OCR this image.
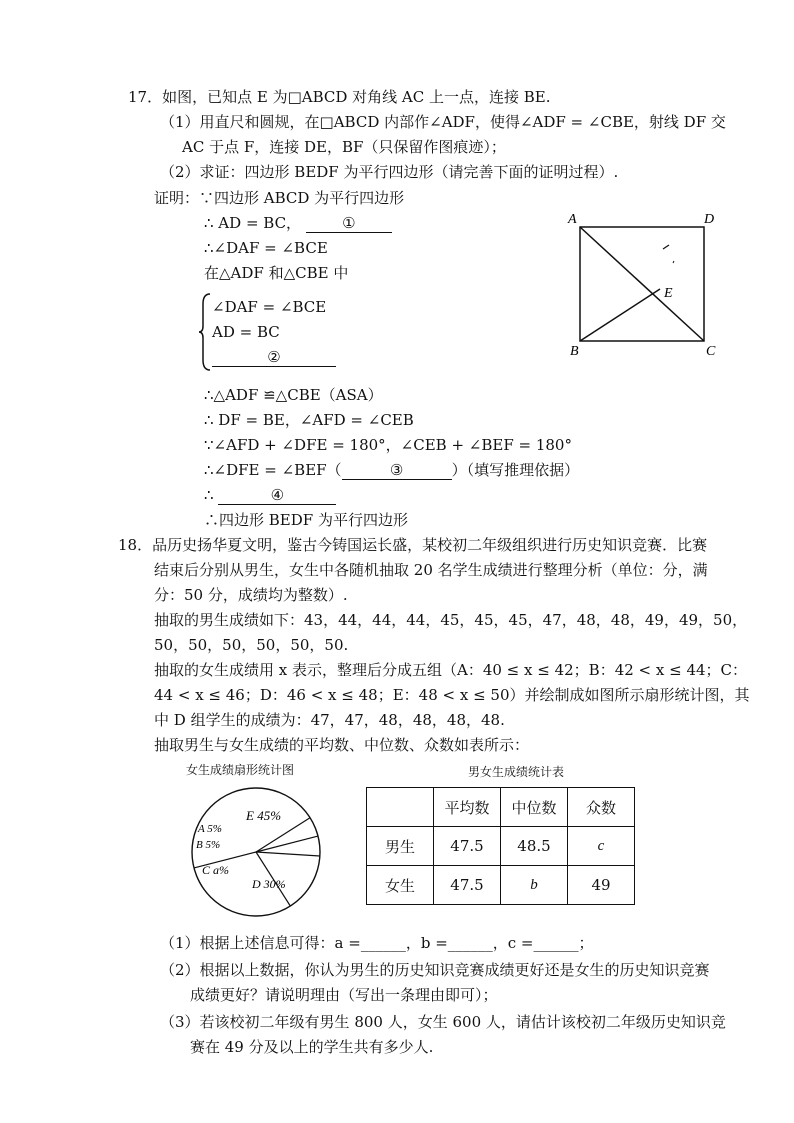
17．如图，已知点 E 为□ABCD 对角线 AC 上一点，连接 BE.
（1）用直尺和圆规，在□ABCD 内部作∠ADF，使得∠ADF = ∠CBE，射线 DF 交
AC 于点 F，连接 DE，BF（只保留作图痕迹）；
（2）求证：四边形 BEDF 为平行四边形（请完善下面的证明过程）.
证明：∵四边形 ABCD 为平行四边形
∴ AD = BC，	①
∴∠DAF = ∠BCE
在△ADF 和△CBE 中
∠DAF = ∠BCE
AD = BC
②
∴△ADF ≌△CBE（ASA）
∴ DF = BE，∠AFD = ∠CEB
∵∠AFD + ∠DFE = 180°，∠CEB + ∠BEF = 180°
∴∠DFE = ∠BEF（	③	）（填写推理依据）
∴	④
∴四边形 BEDF 为平行四边形
A	D
B	C
E
18．品历史扬华夏文明，鉴古今铸国运长盛，某校初二年级组织进行历史知识竞赛．比赛
结束后分别从男生，女生中各随机抽取 20 名学生成绩进行整理分析（单位：分，满
分：50 分，成绩均为整数）.
抽取的男生成绩如下：43，44，44，44，45，45，45，47，48，48，49，49，50，
50，50，50，50，50，50.
抽取的女生成绩用 x 表示，整理后分成五组（A：40 ≤ x ≤ 42；B：42 < x ≤ 44；C：
44 < x ≤ 46；D：46 < x ≤ 48；E：48 < x ≤ 50）并绘制成如图所示扇形统计图，其
中 D 组学生的成绩为：47，47，48，48，48，48.
抽取男生与女生成绩的平均数、中位数、众数如表所示：
女生成绩扇形统计图	男女生成绩统计表
E 45%
A 5%
B 5%
C a%
D 30%
	平均数	中位数	众数
男生	47.5	48.5	c
女生	47.5	b	49
（1）根据上述信息可得：a =______，b =______，c =______；
（2）根据以上数据，你认为男生的历史知识竞赛成绩更好还是女生的历史知识竞赛
成绩更好？请说明理由（写出一条理由即可）；
（3）若该校初二年级有男生 800 人，女生 600 人，请估计该校初二年级历史知识竞
赛在 49 分及以上的学生共有多少人.
